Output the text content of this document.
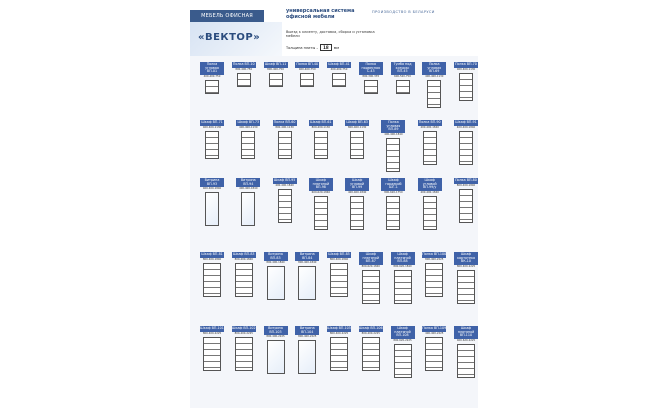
МЕБЕЛЬ ОФИСНАЯ
«ВЕКТОР»
универсальная система офисной мебели
ПРОИЗВОДСТВО В БЕЛАРУСИ
Выезд к клиенту, доставка, сборка и установка мебели
Толщина плиты –	18	мм
Полка угловая ВП-01
400-400-750
Полка ВП-10
800-400-750
Шкаф ВП-11
800-400-750
Полка ВП-40
400-400-750
Шкаф ВП-41
400-400-750
Полка подвесная С-43
800-300-335
Тумба под ксерокс ВП-45
600-520-750
Полка угловая ВП-69
400-400-1130
Полка ВП-70
400-400-1130
Шкаф ВП-71
400-400-1130
Шкаф ВП-73
400-400-1130
Полка ВП-60
800-400-1130
Шкаф ВП-61
800-400-1130
Шкаф ВП-63
800-400-1130
Полка угловая ВП-89
400-400-1840
Полка ВП-90
400-400-1840
Шкаф ВП-91
400-400-1840
Витрина ВП-93
400-400-1840
Витрина ВП-94
400-400-1840
Шкаф ВП-95
400-400-1840
Шкаф платяной ВП-98
600-620-1840
Шкаф угловой ВП-99
400-400-1840
Шкаф гардероб ШГ-1
800-620-1750
Шкаф угловой ВП-99/у
400-400-1840
Полка ВП-80
800-400-1840
Шкаф ВП-81
800-400-1840
Шкаф ВП-83
800-400-1840
Витрина ВП-83
800-400-1840
Витрина ВП-84
800-400-1840
Шкаф ВП-85
800-400-1840
Шкаф платяной ВП-87
800-620-1840
Шкаф платяной ВП-88
800-620-1840
Полка ВП-100
800-400-2225
Шкаф картотека ВК-10
800-400-2225
Шкаф ВП-101
800-400-2225
Шкаф ВП-102
800-400-2225
Витрина ВП-103
800-400-2225
Витрина ВП-104
800-400-2225
Шкаф ВП-105
800-400-2225
Шкаф ВП-106
800-400-2225
Шкаф платяной ВП-108
800-620-2225
Полка ВП-109
400-400-2225
Шкаф платяной ВП-110
400-620-2225
